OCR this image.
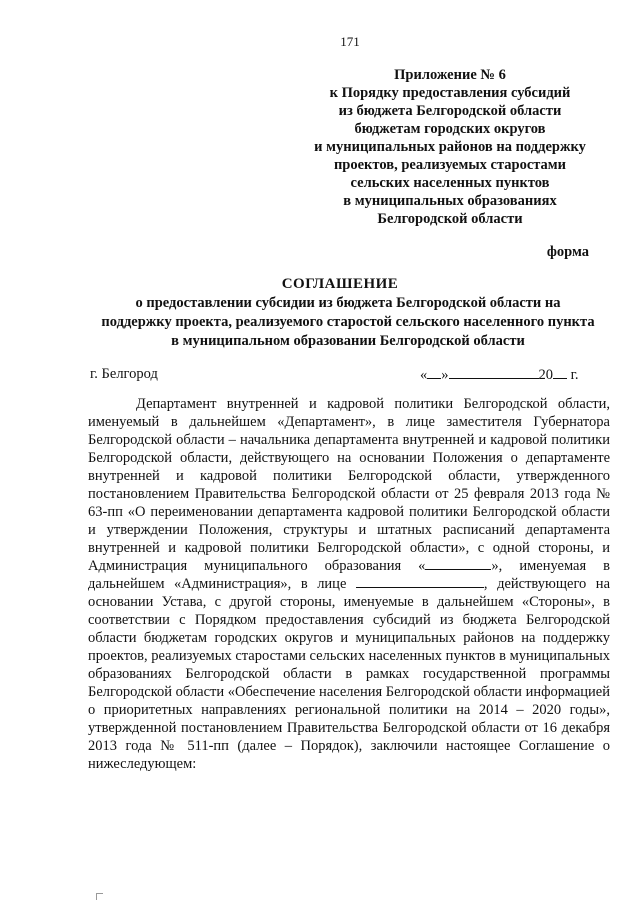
171
Приложение № 6
к Порядку предоставления субсидий
из бюджета Белгородской области
бюджетам городских округов
и муниципальных районов на поддержку
проектов, реализуемых старостами
сельских населенных пунктов
в муниципальных образованиях
Белгородской области
форма
СОГЛАШЕНИЕ
о предоставлении субсидии из бюджета Белгородской области на
поддержку проекта, реализуемого старостой сельского населенного пункта
в муниципальном образовании Белгородской области
г. Белгород	« »	20 г.

Департамент внутренней и кадровой политики Белгородской области, именуемый в дальнейшем «Департамент», в лице заместителя Губернатора Белгородской области – начальника департамента внутренней и кадровой политики Белгородской области, действующего на основании Положения о департаменте внутренней и кадровой политики Белгородской области, утвержденного постановлением Правительства Белгородской области от 25 февраля 2013 года № 63-пп «О переименовании департамента кадровой политики Белгородской области и утверждении Положения, структуры и штатных расписаний департамента внутренней и кадровой политики Белгородской области», с одной стороны, и Администрация муниципального образования «	», именуемая в дальнейшем «Администрация», в лице	, действующего на основании Устава, с другой стороны, именуемые в дальнейшем «Стороны», в соответствии с Порядком предоставления субсидий из бюджета Белгородской области бюджетам городских округов и муниципальных районов на поддержку проектов, реализуемых старостами сельских населенных пунктов в муниципальных образованиях Белгородской области в рамках государственной программы Белгородской области «Обеспечение населения Белгородской области информацией о приоритетных направлениях региональной политики на 2014 – 2020 годы», утвержденной постановлением Правительства Белгородской области от 16 декабря 2013 года № 511-пп (далее – Порядок), заключили настоящее Соглашение о нижеследующем:
